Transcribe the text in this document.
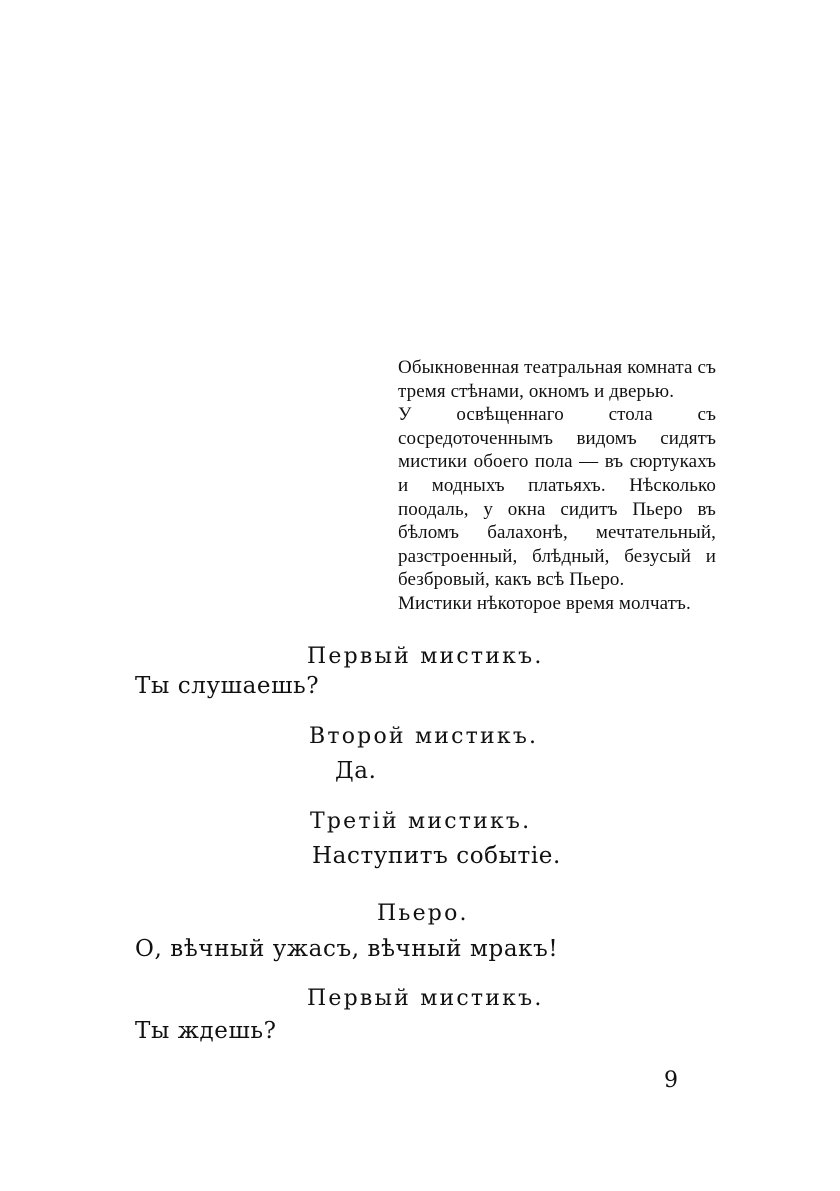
Обыкновенная театральная комната съ тремя стѣнами, окномъ и дверью.

У освѣщеннаго стола съ сосредоточеннымъ видомъ сидятъ мистики обоего пола — въ сюртукахъ и модныхъ платьяхъ. Нѣсколько поодаль, у окна сидитъ Пьеро въ бѣломъ балахонѣ, мечтательный, разстроенный, блѣдный, безусый и безбровый, какъ всѣ Пьеро.

Мистики нѣкоторое время молчатъ.

Первый мистикъ.
Ты слушаешь?
Второй мистикъ.
Да.
Третій мистикъ.
Наступитъ событіе.
Пьеро.
О, вѣчный ужасъ, вѣчный мракъ!
Первый мистикъ.
Ты ждешь?
9
